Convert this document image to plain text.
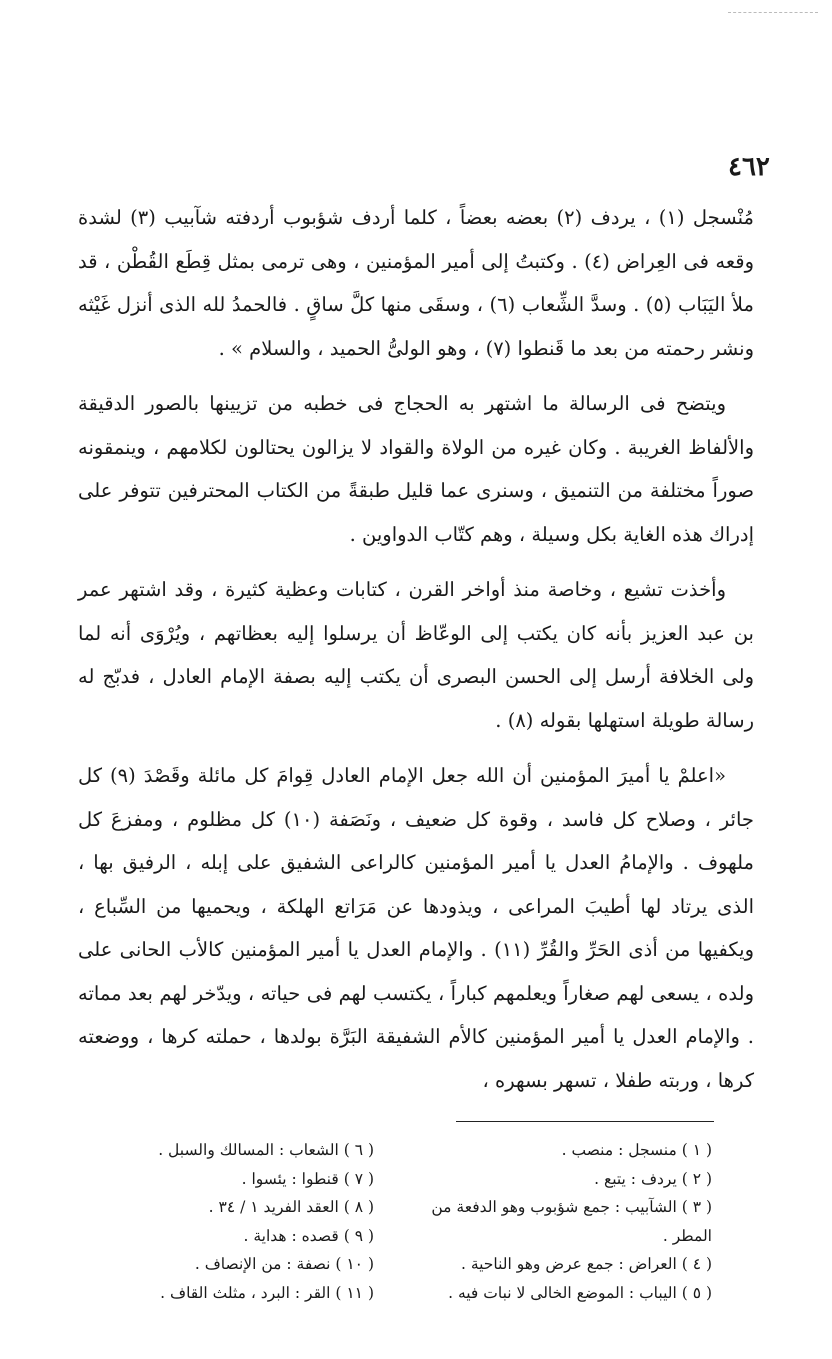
٤٦٢

مُنْسجل (١) ، يردف (٢) بعضه بعضاً ، كلما أردف شؤبوب أردفته شآبيب (٣) لشدة وقعه فى العِراض (٤) . وكتبتُ إلى أمير المؤمنين ، وهى ترمى بمثل قِطَع القُطْن ، قد ملأ اليَبَاب (٥) . وسدَّ الشِّعاب (٦) ، وسقَى منها كلَّ ساقٍ . فالحمدُ لله الذى أنزل غَيْثه ونشر رحمته من بعد ما قَنطوا (٧) ، وهو الولىُّ الحميد ، والسلام » .

ويتضح فى الرسالة ما اشتهر به الحجاج فى خطبه من تزيينها بالصور الدقيقة والألفاظ الغريبة . وكان غيره من الولاة والقواد لا يزالون يحتالون لكلامهم ، وينمقونه صوراً مختلفة من التنميق ، وسنرى عما قليل طبقةً من الكتاب المحترفين تتوفر على إدراك هذه الغاية بكل وسيلة ، وهم كتّاب الدواوين .

وأخذت تشيع ، وخاصة منذ أواخر القرن ، كتابات وعظية كثيرة ، وقد اشتهر عمر بن عبد العزيز بأنه كان يكتب إلى الوعّاظ أن يرسلوا إليه بعظاتهم ، ويُرْوَى أنه لما ولى الخلافة أرسل إلى الحسن البصرى أن يكتب إليه بصفة الإمام العادل ، فدبّج له رسالة طويلة استهلها بقوله (٨) .

«اعلمْ يا أميرَ المؤمنين أن الله جعل الإمام العادل قِوامَ كل مائلة وقَصْدَ (٩) كل جائر ، وصلاح كل فاسد ، وقوة كل ضعيف ، ونَصَفة (١٠) كل مظلوم ، ومفزعَ كل ملهوف . والإمامُ العدل يا أمير المؤمنين كالراعى الشفيق على إبله ، الرفيق بها ، الذى يرتاد لها أطيبَ المراعى ، ويذودها عن مَرَاتع الهلكة ، ويحميها من السِّباع ، ويكفيها من أذى الحَرِّ والقُرِّ (١١) . والإمام العدل يا أمير المؤمنين كالأب الحانى على ولده ، يسعى لهم صغاراً ويعلمهم كباراً ، يكتسب لهم فى حياته ، ويدّخر لهم بعد مماته . والإمام العدل يا أمير المؤمنين كالأم الشفيقة البَرَّة بولدها ، حملته كرها ، ووضعته كرها ، وربته طفلا ، تسهر بسهره ،

( ١ ) منسجل : منصب .
( ٢ ) يردف : يتبع .
( ٣ ) الشآبيب : جمع شؤبوب وهو الدفعة من المطر .
( ٤ ) العراض : جمع عرض وهو الناحية .
( ٥ ) اليباب : الموضع الخالى لا نبات فيه .
( ٦ ) الشعاب : المسالك والسبل .
( ٧ ) قنطوا : يئسوا .
( ٨ ) العقد الفريد ١ / ٣٤ .
( ٩ ) قصده : هداية .
( ١٠ ) نصفة : من الإنصاف .
( ١١ ) القر : البرد ، مثلث القاف .
